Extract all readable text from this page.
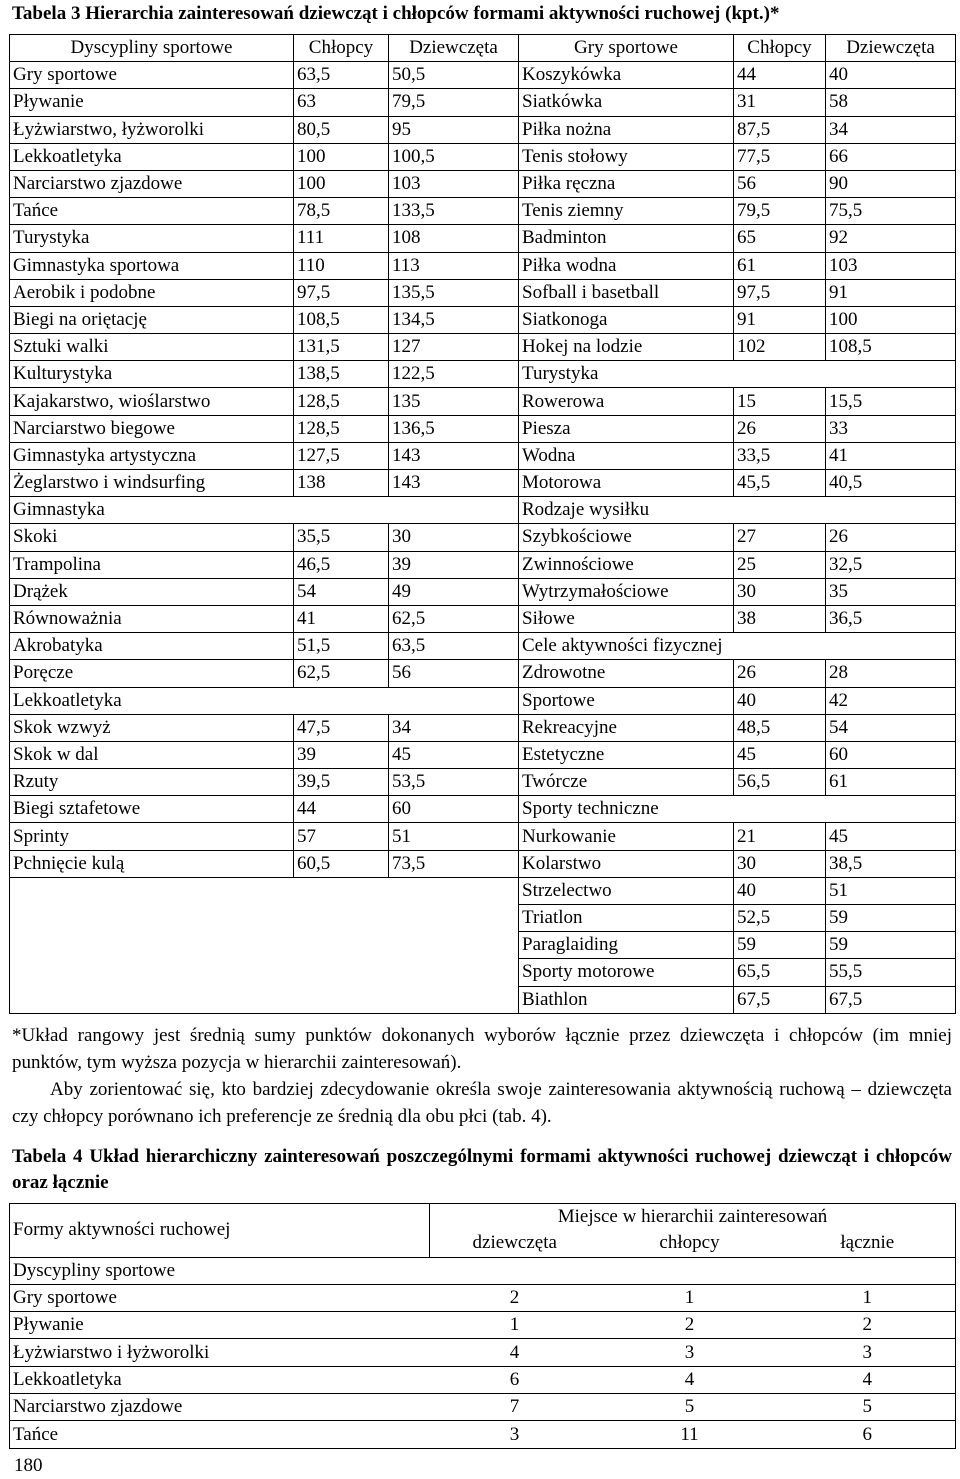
Tabela 3 Hierarchia zainteresowań dziewcząt i chłopców formami aktywności ruchowej (kpt.)*
Dyscypliny sportowe	Chłopcy	Dziewczęta	Gry sportowe	Chłopcy	Dziewczęta
Gry sportowe	63,5	50,5	Koszykówka	44	40
Pływanie	63	79,5	Siatkówka	31	58
Łyżwiarstwo, łyżworolki	80,5	95	Piłka nożna	87,5	34
Lekkoatletyka	100	100,5	Tenis stołowy	77,5	66
Narciarstwo zjazdowe	100	103	Piłka ręczna	56	90
Tańce	78,5	133,5	Tenis ziemny	79,5	75,5
Turystyka	111	108	Badminton	65	92
Gimnastyka sportowa	110	113	Piłka wodna	61	103
Aerobik i podobne	97,5	135,5	Sofball i basetball	97,5	91
Biegi na oriętację	108,5	134,5	Siatkonoga	91	100
Sztuki walki	131,5	127	Hokej na lodzie	102	108,5
Kulturystyka	138,5	122,5	Turystyka		
Kajakarstwo, wioślarstwo	128,5	135	Rowerowa	15	15,5
Narciarstwo biegowe	128,5	136,5	Piesza	26	33
Gimnastyka artystyczna	127,5	143	Wodna	33,5	41
Żeglarstwo i windsurfing	138	143	Motorowa	45,5	40,5
Gimnastyka			Rodzaje wysiłku		
Skoki	35,5	30	Szybkościowe	27	26
Trampolina	46,5	39	Zwinnościowe	25	32,5
Drążek	54	49	Wytrzymałościowe	30	35
Równoważnia	41	62,5	Siłowe	38	36,5
Akrobatyka	51,5	63,5	Cele aktywności fizycznej		
Poręcze	62,5	56	Zdrowotne	26	28
Lekkoatletyka			Sportowe	40	42
Skok wzwyż	47,5	34	Rekreacyjne	48,5	54
Skok w dal	39	45	Estetyczne	45	60
Rzuty	39,5	53,5	Twórcze	56,5	61
Biegi sztafetowe	44	60	Sporty techniczne		
Sprinty	57	51	Nurkowanie	21	45
Pchnięcie kulą	60,5	73,5	Kolarstwo	30	38,5
			Strzelectwo	40	51
			Triatlon	52,5	59
			Paraglaiding	59	59
			Sporty motorowe	65,5	55,5
			Biathlon	67,5	67,5
*Układ rangowy jest średnią sumy punktów dokonanych wyborów łącznie przez dziewczęta i chłopców (im mniej punktów, tym wyższa pozycja w hierarchii zainteresowań).
Aby zorientować się, kto bardziej zdecydowanie określa swoje zainteresowania aktywnością ruchową – dziewczęta czy chłopcy porównano ich preferencje ze średnią dla obu płci (tab. 4).
Tabela 4 Układ hierarchiczny zainteresowań poszczególnymi formami aktywności ruchowej dziewcząt i chłopców oraz łącznie
Formy aktywności ruchowej	Miejsce w hierarchii zainteresowań		
	dziewczęta	chłopcy	łącznie
Dyscypliny sportowe			
Gry sportowe	2	1	1
Pływanie	1	2	2
Łyżwiarstwo i łyżworolki	4	3	3
Lekkoatletyka	6	4	4
Narciarstwo zjazdowe	7	5	5
Tańce	3	11	6
180
